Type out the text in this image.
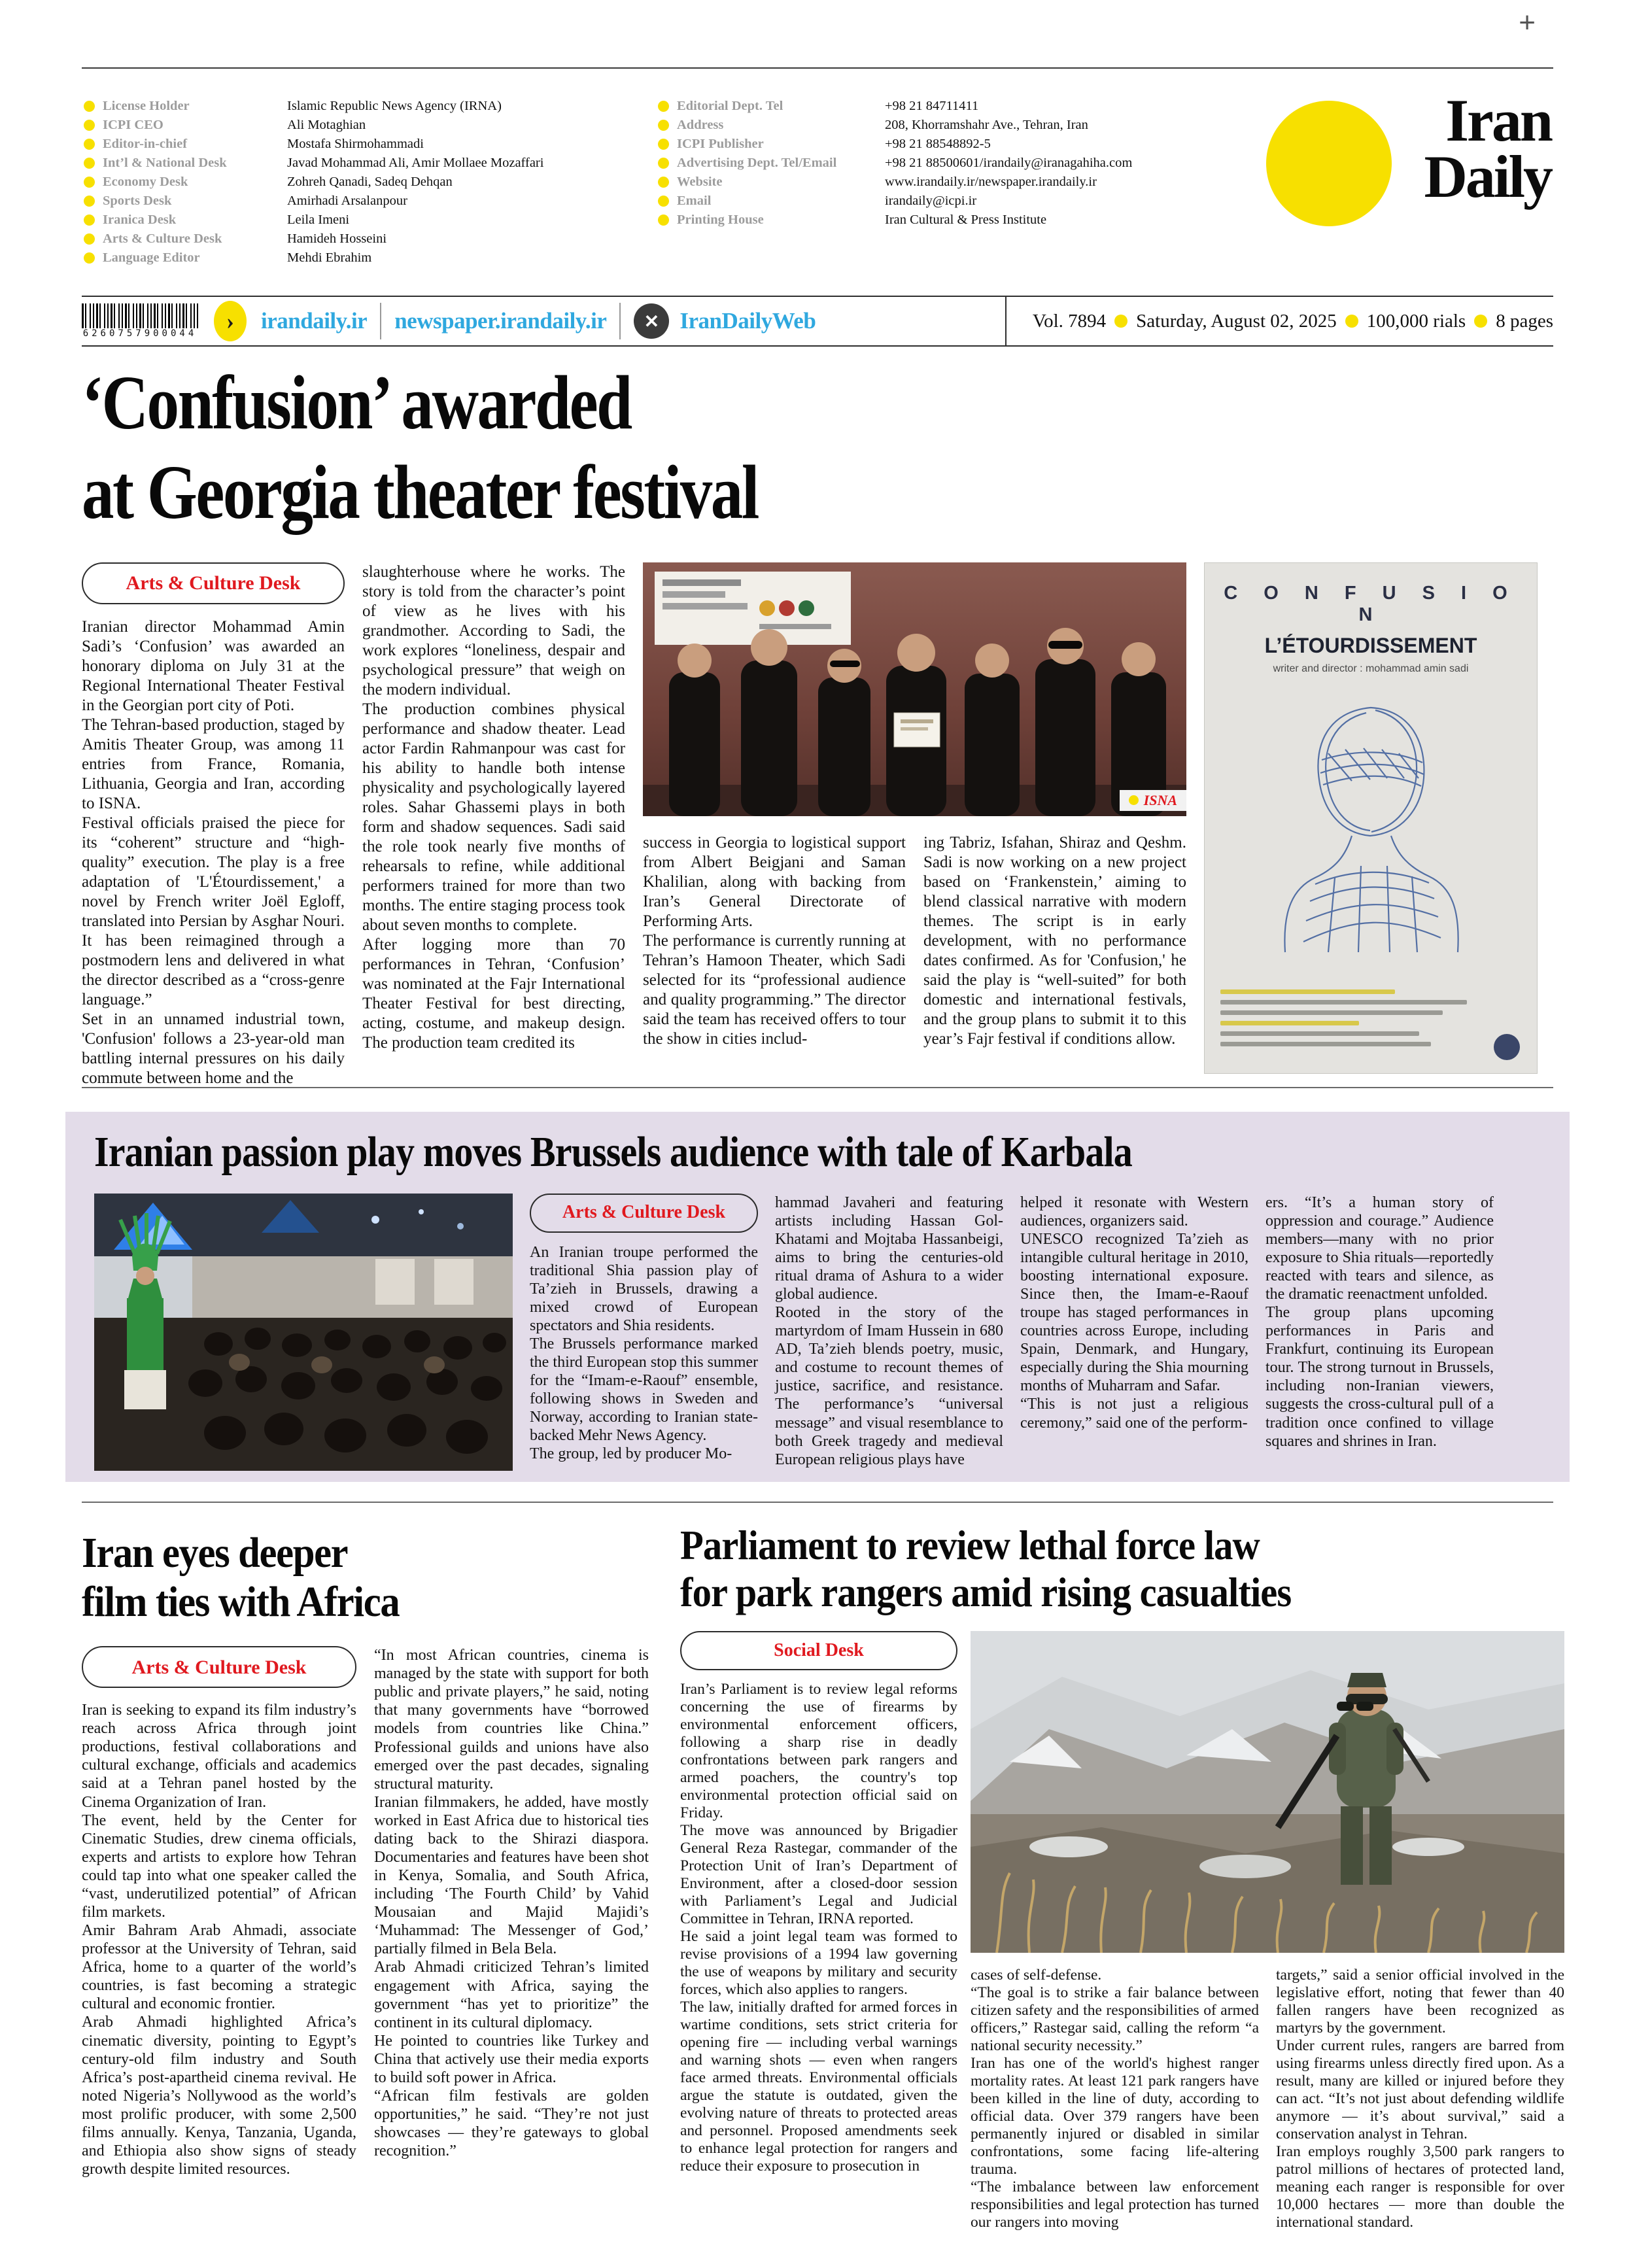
+
License Holder	Islamic Republic News Agency (IRNA)
ICPI CEO	Ali Motaghian
Editor-in-chief	Mostafa Shirmohammadi
Int’l & National Desk	Javad Mohammad Ali, Amir Mollaee Mozaffari
Economy Desk	Zohreh Qanadi, Sadeq Dehqan
Sports Desk	Amirhadi Arsalanpour
Iranica Desk	Leila Imeni
Arts & Culture Desk	Hamideh Hosseini
Language Editor	Mehdi Ebrahim
Editorial Dept. Tel	+98 21 84711411
Address	208, Khorramshahr Ave., Tehran, Iran
ICPI Publisher	+98 21 88548892-5
Advertising Dept. Tel/Email	+98 21 88500601/irandaily@iranagahiha.com
Website	www.irandaily.ir/newspaper.irandaily.ir
Email	irandaily@icpi.ir
Printing House	Iran Cultural & Press Institute
Iran
Daily
6260757900044	›	irandaily.ir newspaper.irandaily.ir	✕ IranDailyWeb	Vol. 7894 Saturday, August 02, 2025 100,000 rials 8 pages
‘Confusion’ awarded
at Georgia theater festival
Arts & Culture Desk

Iranian director Mohammad Amin Sadi’s ‘Confusion’ was awarded an honorary diploma on July 31 at the Regional International Theater Festival in the Georgian port city of Poti.

The Tehran-based production, staged by Amitis Theater Group, was among 11 entries from France, Romania, Lithuania, Georgia and Iran, according to ISNA.

Festival officials praised the piece for its “coherent” structure and “high-quality” execution. The play is a free adaptation of 'L'Étourdissement,' a novel by French writer Joël Egloff, translated into Persian by Asghar Nouri. It has been reimagined through a postmodern lens and delivered in what the director described as a “cross-genre language.”

Set in an unnamed industrial town, 'Confusion' follows a 23-year-old man battling internal pressures on his daily commute between home and the

slaughterhouse where he works. The story is told from the character’s point of view as he lives with his grandmother. According to Sadi, the work explores “loneliness, despair and psychological pressure” that weigh on the modern individual.

The production combines physical performance and shadow theater. Lead actor Fardin Rahmanpour was cast for his ability to handle both intense physicality and psychologically layered roles. Sahar Ghassemi plays in both form and shadow sequences. Sadi said the role took nearly five months of rehearsals to refine, while additional performers trained for more than two months. The entire staging process took about seven months to complete.

After logging more than 70 performances in Tehran, ‘Confusion’ was nominated at the Fajr International Theater Festival for best directing, acting, costume, and makeup design. The production team credited its

success in Georgia to logistical support from Albert Beigjani and Saman Khalilian, along with backing from Iran’s General Directorate of Performing Arts.

The performance is currently running at Tehran’s Hamoon Theater, which Sadi selected for its “professional audience and quality programming.” The director said the team has received offers to tour the show in cities includ-

ing Tabriz, Isfahan, Shiraz and Qeshm. Sadi is now working on a new project based on ‘Frankenstein,’ aiming to blend classical narrative with modern themes. The script is in early development, with no performance dates confirmed. As for 'Confusion,' he said the play is “well-suited” for both domestic and international festivals, and the group plans to submit it to this year’s Fajr festival if conditions allow.

ISNA
C O N F U S I O N
L’ÉTOURDISSEMENT
writer and director : mohammad amin sadi
Iranian passion play moves Brussels audience with tale of Karbala
Arts & Culture Desk

An Iranian troupe performed the traditional Shia passion play of Ta’zieh in Brussels, drawing a mixed crowd of European spectators and Shia residents.

The Brussels performance marked the third European stop this summer for the “Imam-e-Raouf” ensemble, following shows in Sweden and Norway, according to Iranian state-backed Mehr News Agency.

The group, led by producer Mo-

hammad Javaheri and featuring artists including Hassan Gol-Khatami and Mojtaba Hassanbeigi, aims to bring the centuries-old ritual drama of Ashura to a wider global audience.

Rooted in the story of the martyrdom of Imam Hussein in 680 AD, Ta’zieh blends poetry, music, and costume to recount themes of justice, sacrifice, and resistance. The performance’s “universal message” and visual resemblance to both Greek tragedy and medieval European religious plays have

helped it resonate with Western audiences, organizers said.

UNESCO recognized Ta’zieh as intangible cultural heritage in 2010, boosting international exposure. Since then, the Imam-e-Raouf troupe has staged performances in countries across Europe, including Spain, Denmark, and Hungary, especially during the Shia mourning months of Muharram and Safar.

“This is not just a religious ceremony,” said one of the perform-

ers. “It’s a human story of oppression and courage.” Audience members—many with no prior exposure to Shia rituals—reportedly reacted with tears and silence, as the dramatic reenactment unfolded.

The group plans upcoming performances in Paris and Frankfurt, continuing its European tour. The strong turnout in Brussels, including non-Iranian viewers, suggests the cross-cultural pull of a tradition once confined to village squares and shrines in Iran.

Iran eyes deeper
film ties with Africa
Arts & Culture Desk

Iran is seeking to expand its film industry’s reach across Africa through joint productions, festival collaborations and cultural exchange, officials and academics said at a Tehran panel hosted by the Cinema Organization of Iran.

The event, held by the Center for Cinematic Studies, drew cinema officials, experts and artists to explore how Tehran could tap into what one speaker called the “vast, underutilized potential” of African film markets.

Amir Bahram Arab Ahmadi, associate professor at the University of Tehran, said Africa, home to a quarter of the world’s countries, is fast becoming a strategic cultural and economic frontier.

Arab Ahmadi highlighted Africa’s cinematic diversity, pointing to Egypt’s century-old film industry and South Africa’s post-apartheid cinema revival. He noted Nigeria’s Nollywood as the world’s most prolific producer, with some 2,500 films annually. Kenya, Tanzania, Uganda, and Ethiopia also show signs of steady growth despite limited resources.

“In most African countries, cinema is managed by the state with support for both public and private players,” he said, noting that many governments have “borrowed models from countries like China.” Professional guilds and unions have also emerged over the past decades, signaling structural maturity.

Iranian filmmakers, he added, have mostly worked in East Africa due to historical ties dating back to the Shirazi diaspora. Documentaries and features have been shot in Kenya, Somalia, and South Africa, including ‘The Fourth Child’ by Vahid Mousaian and Majid Majidi’s ‘Muhammad: The Messenger of God,’ partially filmed in Bela Bela.

Arab Ahmadi criticized Tehran’s limited engagement with Africa, saying the government “has yet to prioritize” the continent in its cultural diplomacy.

He pointed to countries like Turkey and China that actively use their media exports to build soft power in Africa.

“African film festivals are golden opportunities,” he said. “They’re not just showcases — they’re gateways to global recognition.”

Parliament to review lethal force law
for park rangers amid rising casualties
Social Desk

Iran’s Parliament is to review legal reforms concerning the use of firearms by environmental enforcement officers, following a sharp rise in deadly confrontations between park rangers and armed poachers, the country's top environmental protection official said on Friday.

The move was announced by Brigadier General Reza Rastegar, commander of the Protection Unit of Iran’s Department of Environment, after a closed-door session with Parliament’s Legal and Judicial Committee in Tehran, IRNA reported.

He said a joint legal team was formed to revise provisions of a 1994 law governing the use of weapons by military and security forces, which also applies to rangers.

The law, initially drafted for armed forces in wartime conditions, sets strict criteria for opening fire — including verbal warnings and warning shots — even when rangers face armed threats. Environmental officials argue the statute is outdated, given the evolving nature of threats to protected areas and personnel. Proposed amendments seek to enhance legal protection for rangers and reduce their exposure to prosecution in

cases of self-defense.

“The goal is to strike a fair balance between citizen safety and the responsibilities of armed officers,” Rastegar said, calling the reform “a national security necessity.”

Iran has one of the world's highest ranger mortality rates. At least 121 park rangers have been killed in the line of duty, according to official data. Over 379 rangers have been permanently injured or disabled in similar confrontations, some facing life-altering trauma.

“The imbalance between law enforcement responsibilities and legal protection has turned our rangers into moving

targets,” said a senior official involved in the legislative effort, noting that fewer than 40 fallen rangers have been recognized as martyrs by the government.

Under current rules, rangers are barred from using firearms unless directly fired upon. As a result, many are killed or injured before they can act. “It’s not just about defending wildlife anymore — it’s about survival,” said a conservation analyst in Tehran.

Iran employs roughly 3,500 park rangers to patrol millions of hectares of protected land, meaning each ranger is responsible for over 10,000 hectares — more than double the international standard.
